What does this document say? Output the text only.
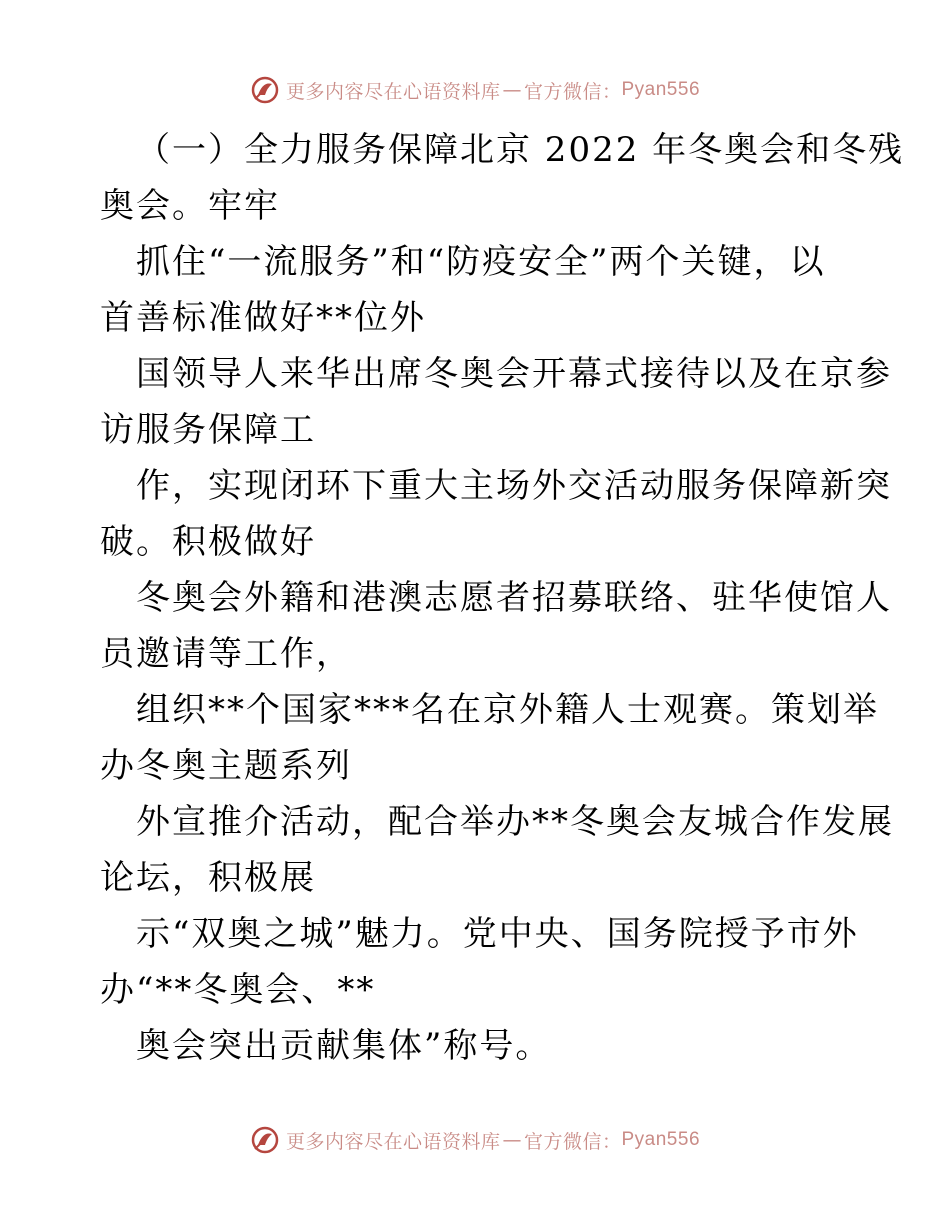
更多内容尽在心语资料库 — 官方微信： Pyan556
（一）全力服务保障北京 2022 年冬奥会和冬残
奥会。牢牢
抓住“一流服务”和“防疫安全”两个关键，以
首善标准做好**位外
国领导人来华出席冬奥会开幕式接待以及在京参
访服务保障工
作，实现闭环下重大主场外交活动服务保障新突
破。积极做好
冬奥会外籍和港澳志愿者招募联络、驻华使馆人
员邀请等工作，
组织**个国家***名在京外籍人士观赛。策划举
办冬奥主题系列
外宣推介活动，配合举办**冬奥会友城合作发展
论坛，积极展
示“双奥之城”魅力。党中央、国务院授予市外
办“**冬奥会、**
奥会突出贡献集体”称号。
更多内容尽在心语资料库 — 官方微信： Pyan556
